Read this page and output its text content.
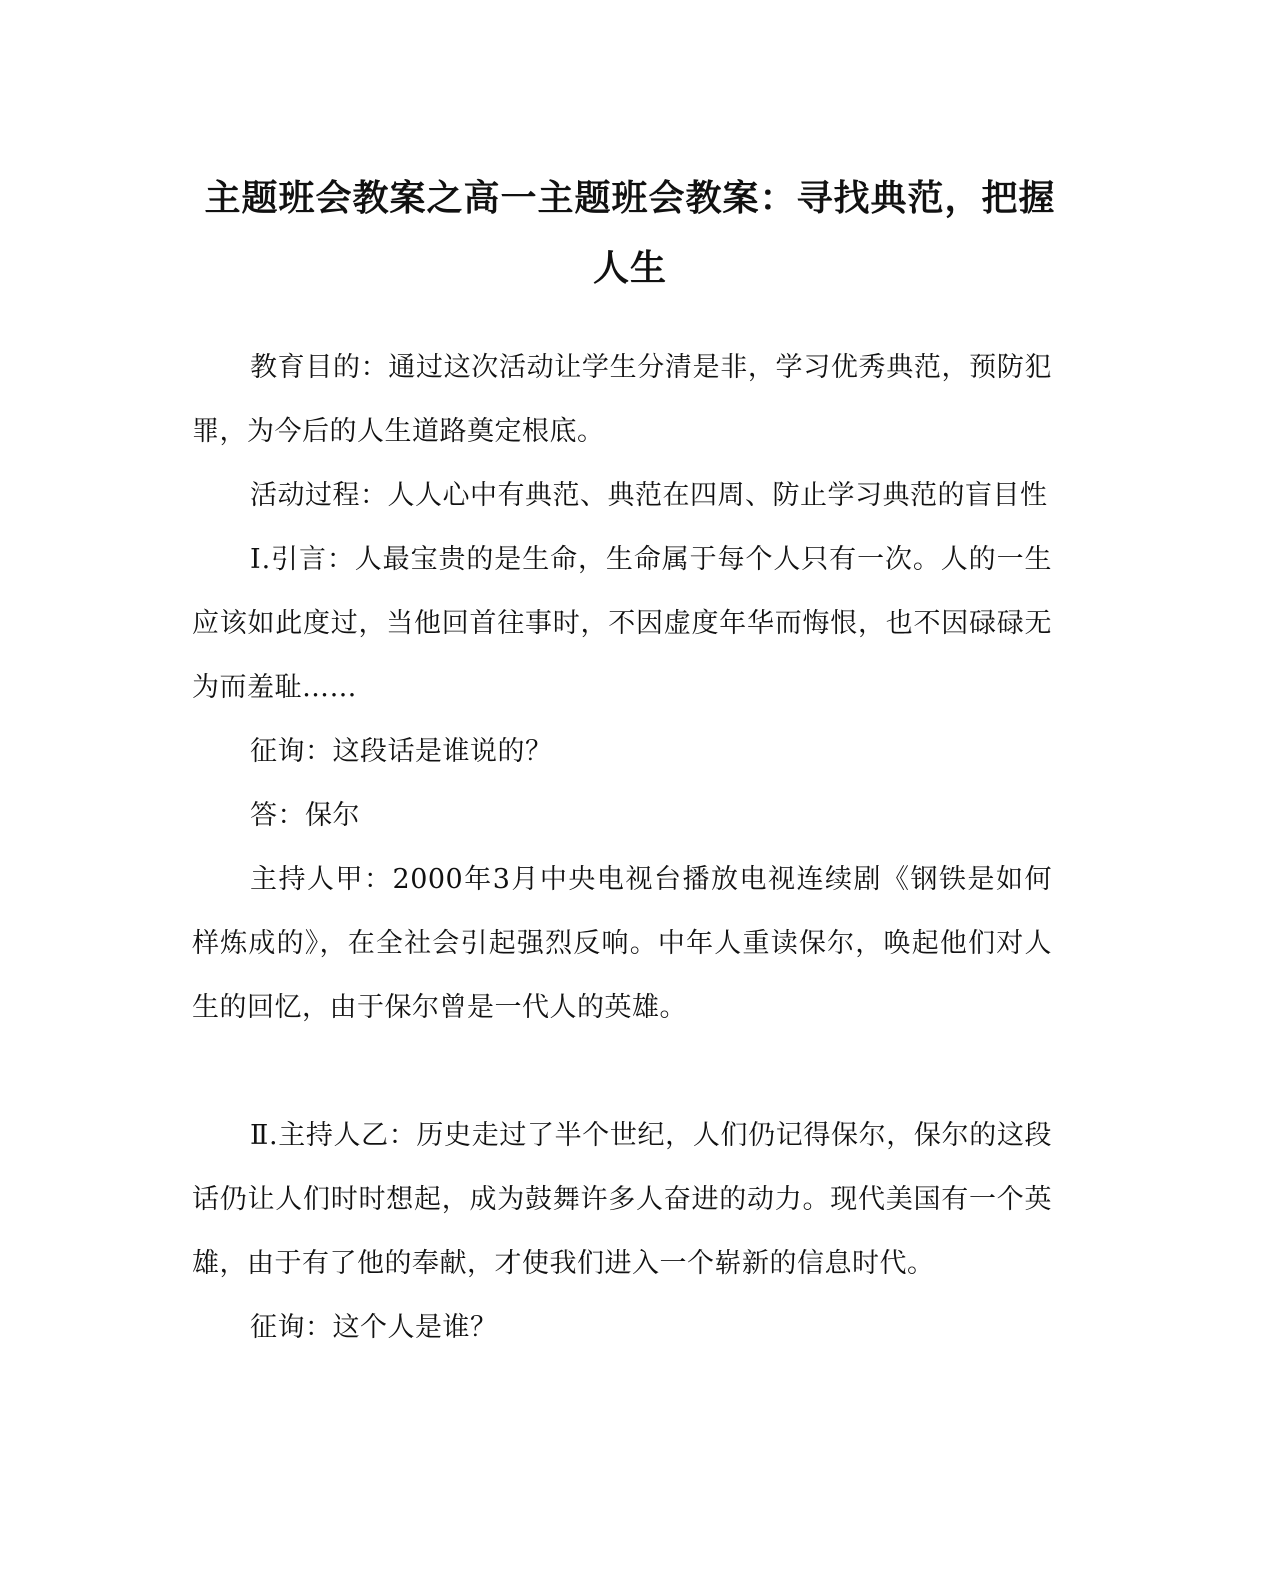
主题班会教案之高一主题班会教案：寻找典范，把握人生

教育目的：通过这次活动让学生分清是非，学习优秀典范，预防犯罪，为今后的人生道路奠定根底。

活动过程：人人心中有典范、典范在四周、防止学习典范的盲目性

Ⅰ.引言：人最宝贵的是生命，生命属于每个人只有一次。人的一生应该如此度过，当他回首往事时，不因虚度年华而悔恨，也不因碌碌无为而羞耻……

征询：这段话是谁说的？

答：保尔

主持人甲：2000年3月中央电视台播放电视连续剧《钢铁是如何样炼成的》，在全社会引起强烈反响。中年人重读保尔，唤起他们对人生的回忆，由于保尔曾是一代人的英雄。

Ⅱ.主持人乙：历史走过了半个世纪，人们仍记得保尔，保尔的这段话仍让人们时时想起，成为鼓舞许多人奋进的动力。现代美国有一个英雄，由于有了他的奉献，才使我们进入一个崭新的信息时代。

征询：这个人是谁？
